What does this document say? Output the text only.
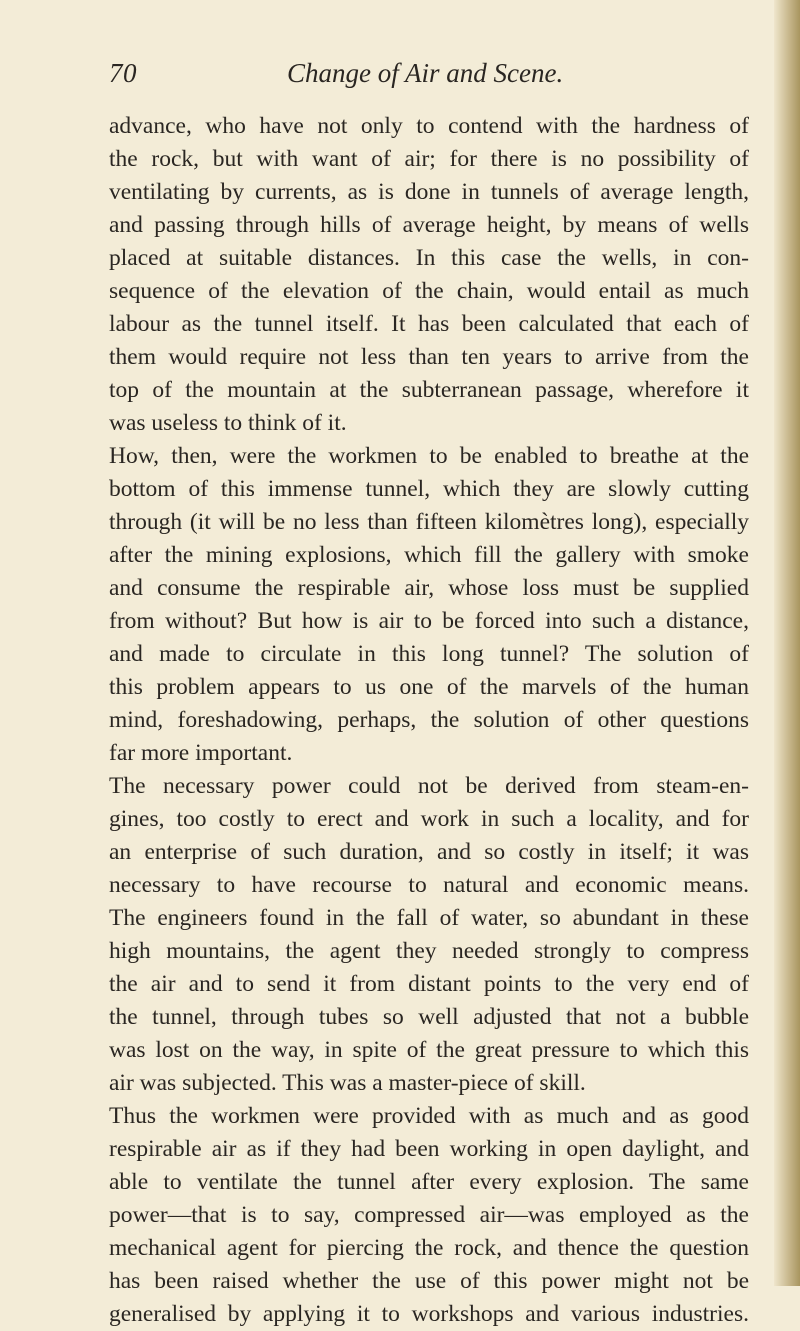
70	Change of Air and Scene.
advance, who have not only to contend with the hardness of
the rock, but with want of air; for there is no possibility of
ventilating by currents, as is done in tunnels of average length,
and passing through hills of average height, by means of wells
placed at suitable distances. In this case the wells, in con-
sequence of the elevation of the chain, would entail as much
labour as the tunnel itself. It has been calculated that each of
them would require not less than ten years to arrive from the
top of the mountain at the subterranean passage, wherefore it
was useless to think of it.
How, then, were the workmen to be enabled to breathe at the
bottom of this immense tunnel, which they are slowly cutting
through (it will be no less than fifteen kilomètres long), especially
after the mining explosions, which fill the gallery with smoke
and consume the respirable air, whose loss must be supplied
from without? But how is air to be forced into such a distance,
and made to circulate in this long tunnel? The solution of
this problem appears to us one of the marvels of the human
mind, foreshadowing, perhaps, the solution of other questions
far more important.
The necessary power could not be derived from steam-en-
gines, too costly to erect and work in such a locality, and for
an enterprise of such duration, and so costly in itself; it was
necessary to have recourse to natural and economic means.
The engineers found in the fall of water, so abundant in these
high mountains, the agent they needed strongly to compress
the air and to send it from distant points to the very end of
the tunnel, through tubes so well adjusted that not a bubble
was lost on the way, in spite of the great pressure to which this
air was subjected. This was a master-piece of skill.
Thus the workmen were provided with as much and as good
respirable air as if they had been working in open daylight, and
able to ventilate the tunnel after every explosion. The same
power—that is to say, compressed air—was employed as the
mechanical agent for piercing the rock, and thence the question
has been raised whether the use of this power might not be
generalised by applying it to workshops and various industries.
